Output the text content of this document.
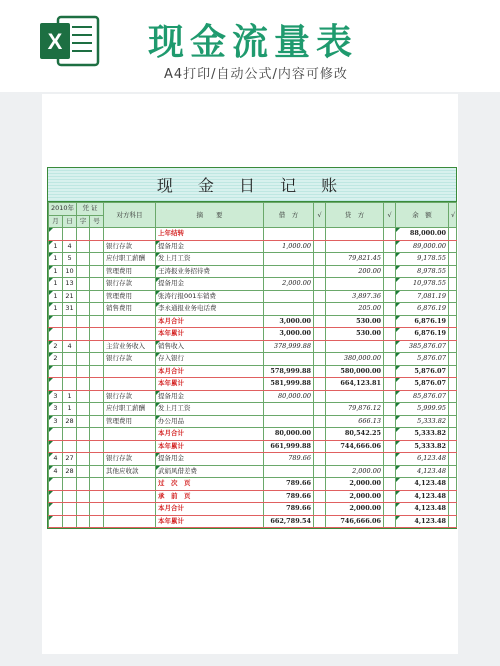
X 现金流量表
A4打印/自动公式/内容可修改
现 金 日 记 账
2010年		凭 证		对方科目	摘　　要	借　方	√	贷　方	√	余　额	√
月	日	字	号								
					上年结转					88,000.00	
1	4			银行存款	提备用金	1,000.00				89,000.00	
1	5			应付职工薪酬	发上月工资			79,821.45		9,178.55	
1	10			管理费用	王涛报业务招待费			200.00		8,978.55	
1	13			银行存款	提备用金	2,000.00				10,978.55	
1	21			管理费用	张涛行报001车销费			3,897.36		7,081.19	
1	31			销售费用	李永通报业务电话费			205.00		6,876.19	
					本月合计	3,000.00		530.00		6,876.19	
					本年累计	3,000.00		530.00		6,876.19	
2	4			主营业务收入	销售收入	378,999.88				385,876.07	
2				银行存款	存入银行			380,000.00		5,876.07	
					本月合计	578,999.88		580,000.00		5,876.07	
					本年累计	581,999.88		664,123.81		5,876.07	
3	1			银行存款	提备用金	80,000.00				85,876.07	
3	1			应付职工薪酬	发上月工资			79,876.12		5,999.95	
3	28			管理费用	办公用品			666.13		5,333.82	
					本月合计	80,000.00		80,542.25		5,333.82	
					本年累计	661,999.88		744,666.06		5,333.82	
4	27			银行存款	提备用金	789.66				6,123.48	
4	28			其他应收款	武娟风借差费			2,000.00		4,123.48	
					过　次　页	789.66		2,000.00		4,123.48	
					承　前　页	789.66		2,000.00		4,123.48	
					本月合计	789.66		2,000.00		4,123.48	
					本年累计	662,789.54		746,666.06		4,123.48	
